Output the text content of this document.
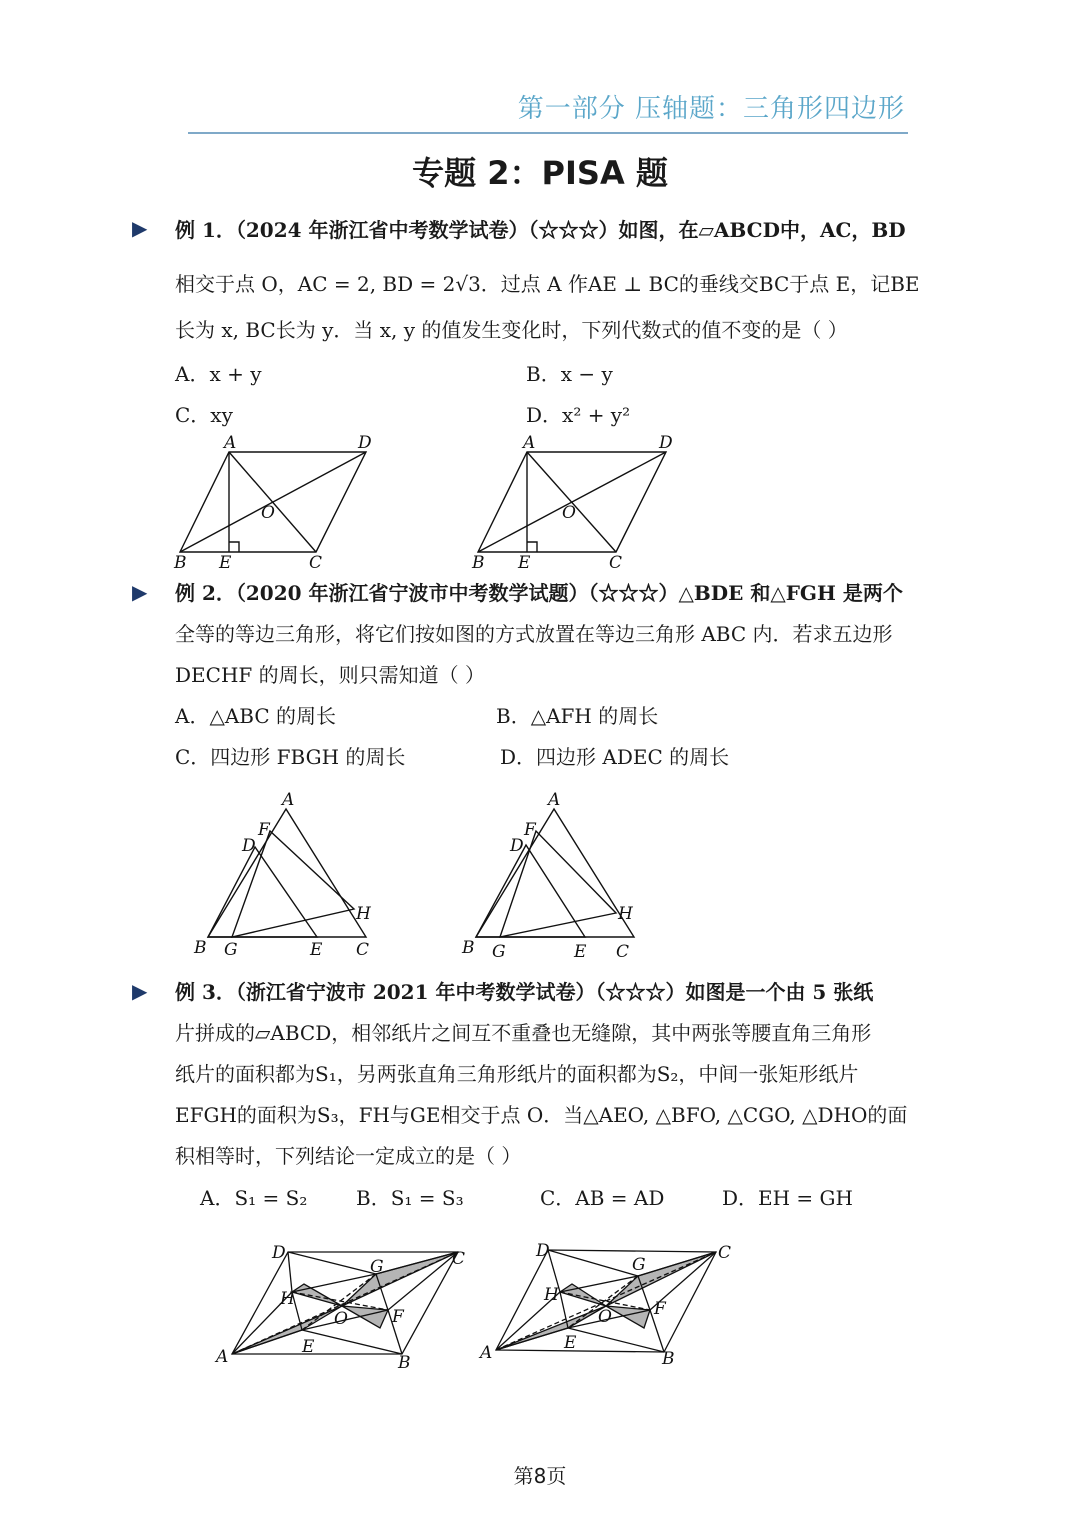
第一部分 压轴题：三角形四边形
专题 2：PISA 题
▶ 例 1．（2024 年浙江省中考数学试卷）（☆☆☆）如图，在▱ABCD中，AC，BD
相交于点 O，AC = 2, BD = 2√3．过点 A 作AE ⊥ BC的垂线交BC于点 E，记BE
长为 x, BC长为 y．当 x, y 的值发生变化时，下列代数式的值不变的是（ ）
A．x + y	B．x − y
C．xy	D．x² + y²
A	D
O
B E	C
A	D
O
B E	C
▶ 例 2．（2020 年浙江省宁波市中考数学试题）（☆☆☆）△BDE 和△FGH 是两个
全等的等边三角形，将它们按如图的方式放置在等边三角形 ABC 内．若求五边形
DECHF 的周长，则只需知道（ ）
A．△ABC 的周长	B．△AFH 的周长
C．四边形 FBGH 的周长	D．四边形 ADEC 的周长
A
F
D
H
B G	E C
A
F
D
H
B G	E C
▶ 例 3．（浙江省宁波市 2021 年中考数学试卷）（☆☆☆）如图是一个由 5 张纸
片拼成的▱ABCD，相邻纸片之间互不重叠也无缝隙，其中两张等腰直角三角形
纸片的面积都为S₁，另两张直角三角形纸片的面积都为S₂，中间一张矩形纸片
EFGH的面积为S₃，FH与GE相交于点 O．当△AEO, △BFO, △CGO, △DHO的面
积相等时，下列结论一定成立的是（ ）
A．S₁ = S₂ B．S₁ = S₃	C．AB = AD	D．EH = GH
A	B
C
D
E
F
G
H
O
A	B
C
D
E
F
G
H
O
第8页
